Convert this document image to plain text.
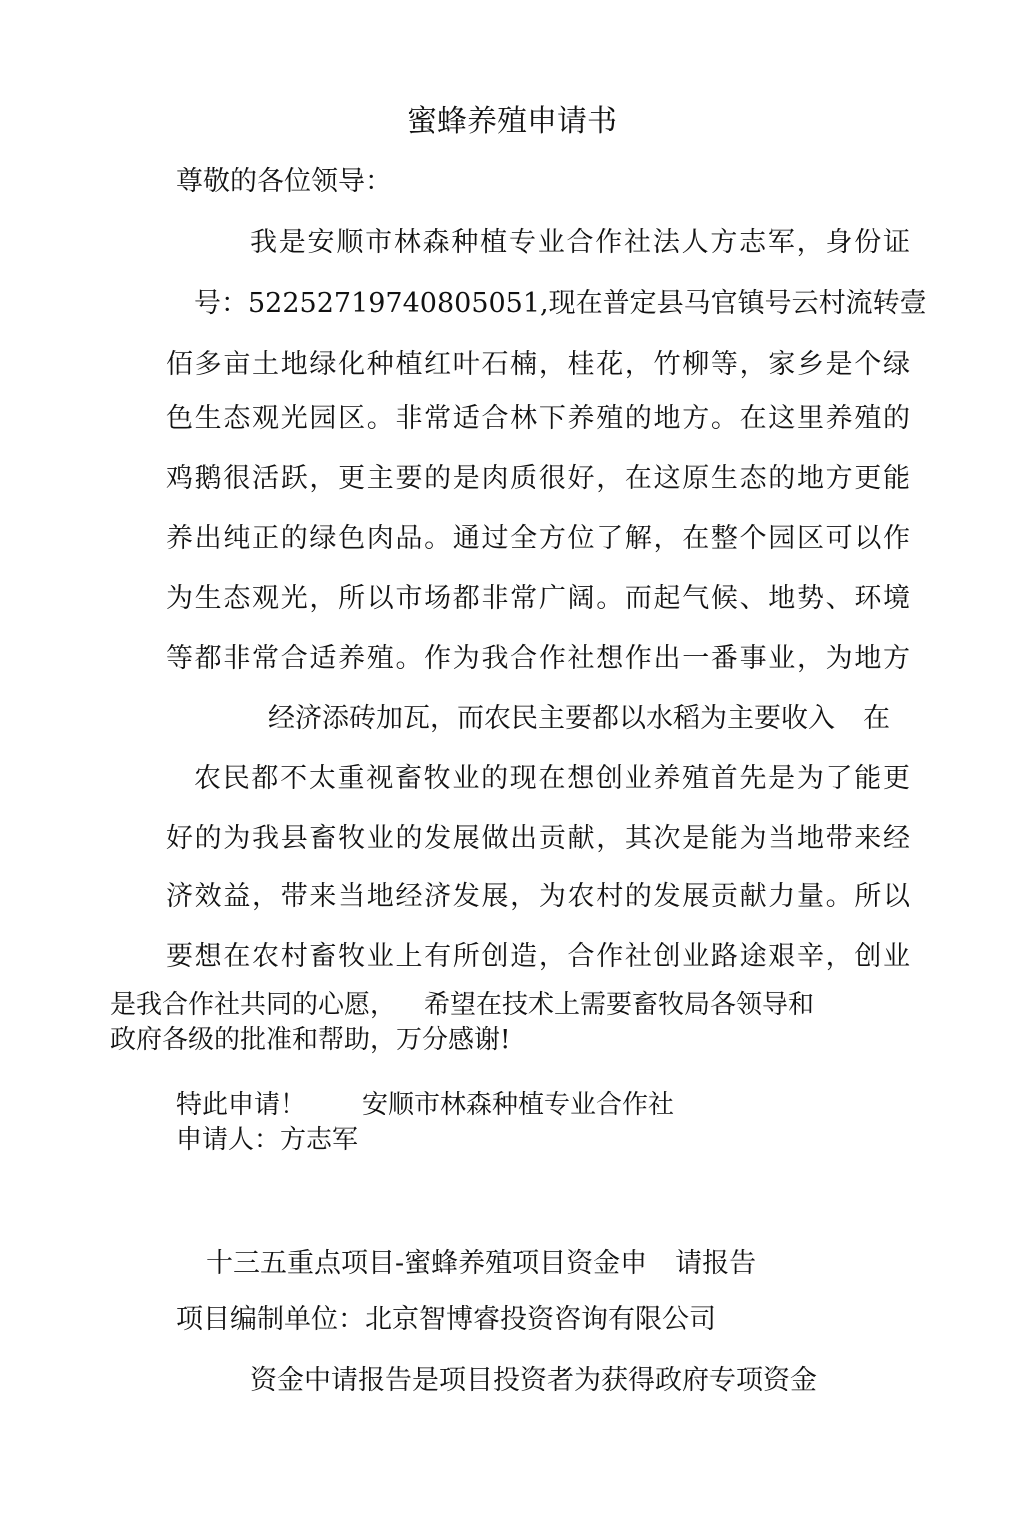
蜜蜂养殖申请书
尊敬的各位领导：
我是安顺市林森种植专业合作社法人方志军，身份证
号：52252719740805051,现在普定县马官镇号云村流转壹
佰多亩土地绿化种植红叶石楠，桂花，竹柳等，家乡是个绿
色生态观光园区。非常适合林下养殖的地方。在这里养殖的
鸡鹅很活跃，更主要的是肉质很好，在这原生态的地方更能
养出纯正的绿色肉品。通过全方位了解，在整个园区可以作
为生态观光，所以市场都非常广阔。而起气候、地势、环境
等都非常合适养殖。作为我合作社想作出一番事业，为地方
经济添砖加瓦，而农民主要都以水稻为主要收入 在
农民都不太重视畜牧业的现在想创业养殖首先是为了能更
好的为我县畜牧业的发展做出贡献，其次是能为当地带来经
济效益，带来当地经济发展，为农村的发展贡献力量。所以
要想在农村畜牧业上有所创造，合作社创业路途艰辛，创业
是我合作社共同的心愿， 希望在技术上需要畜牧局各领导和
政府各级的批准和帮助，万分感谢!
特此申请！ 安顺市林森种植专业合作社
申请人：方志军
十三五重点项目-蜜蜂养殖项目资金申 请报告
项目编制单位：北京智博睿投资咨询有限公司
资金中请报告是项目投资者为获得政府专项资金
